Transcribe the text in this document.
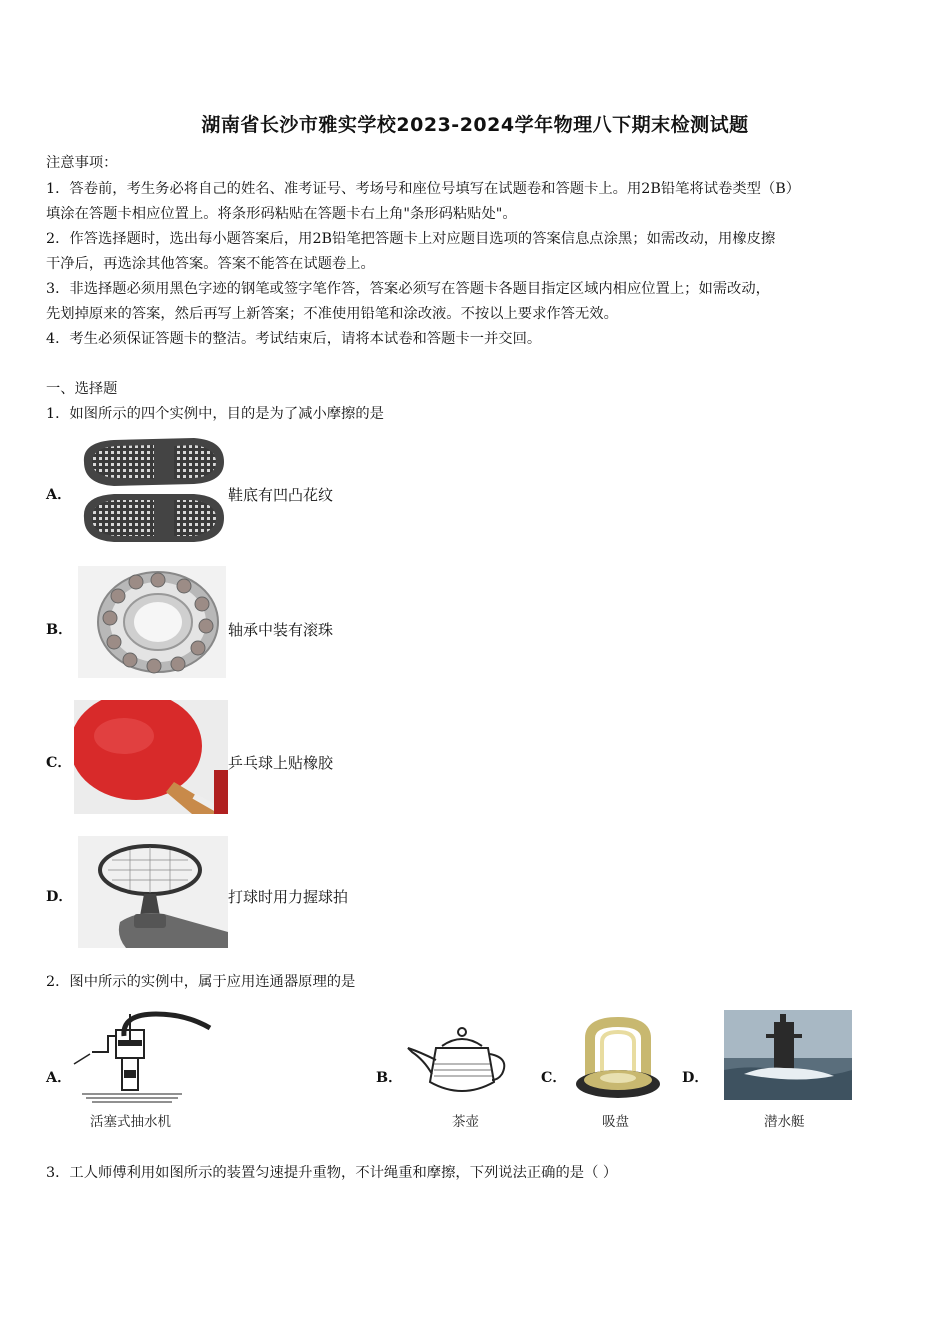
湖南省长沙市雅实学校2023-2024学年物理八下期末检测试题
注意事项：
1．答卷前，考生务必将自己的姓名、准考证号、考场号和座位号填写在试题卷和答题卡上。用2B铅笔将试卷类型（B）
填涂在答题卡相应位置上。将条形码粘贴在答题卡右上角"条形码粘贴处"。
2．作答选择题时，选出每小题答案后，用2B铅笔把答题卡上对应题目选项的答案信息点涂黑；如需改动，用橡皮擦
干净后，再选涂其他答案。答案不能答在试题卷上。
3．非选择题必须用黑色字迹的钢笔或签字笔作答，答案必须写在答题卡各题目指定区域内相应位置上；如需改动，
先划掉原来的答案，然后再写上新答案；不准使用铅笔和涂改液。不按以上要求作答无效。
4．考生必须保证答题卡的整洁。考试结束后，请将本试卷和答题卡一并交回。
一、选择题
1．如图所示的四个实例中，目的是为了减小摩擦的是
A．	鞋底有凹凸花纹
B．	轴承中装有滚珠
C．	乒乓球上贴橡胶
D．	打球时用力握球拍
2．图中所示的实例中，属于应用连通器原理的是
A．
活塞式抽水机
B．
茶壶
C．
吸盘
D．
潜水艇
3．工人师傅利用如图所示的装置匀速提升重物，不计绳重和摩擦，下列说法正确的是（ ）
